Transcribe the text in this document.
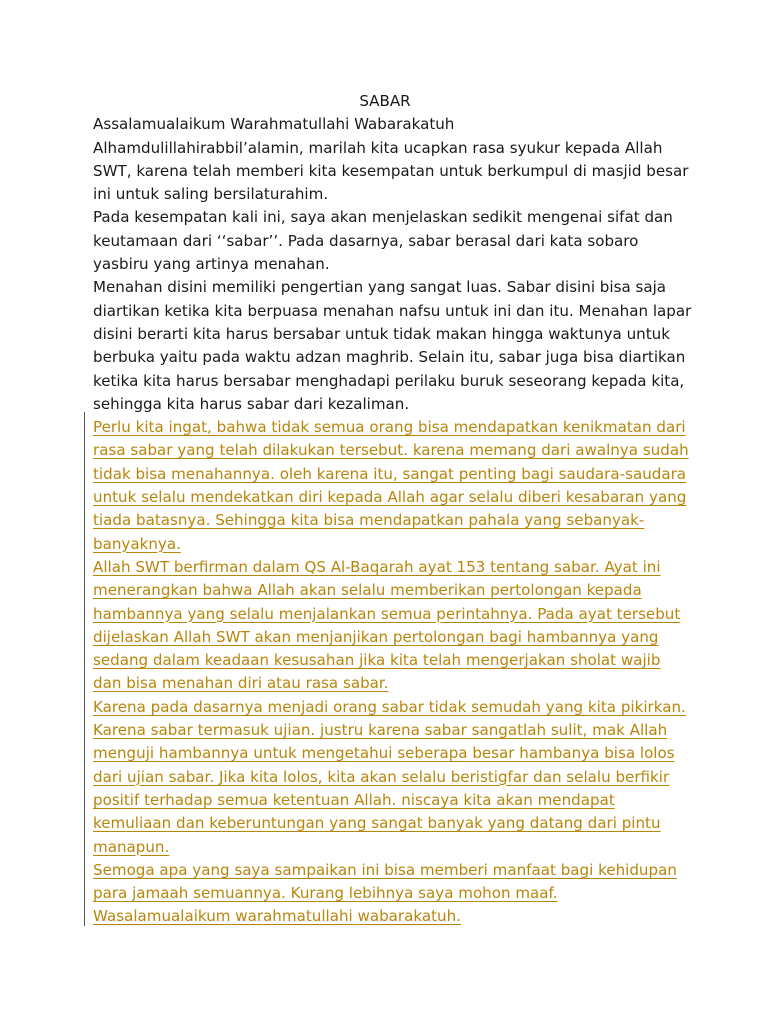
SABAR

Assalamualaikum Warahmatullahi Wabarakatuh

Alhamdulillahirabbil’alamin, marilah kita ucapkan rasa syukur kepada Allah SWT, karena telah memberi kita kesempatan untuk berkumpul di masjid besar ini untuk saling bersilaturahim.

Pada kesempatan kali ini, saya akan menjelaskan sedikit mengenai sifat dan keutamaan dari ‘‘sabar’’. Pada dasarnya, sabar berasal dari kata sobaro yasbiru yang artinya menahan.

Menahan disini memiliki pengertian yang sangat luas. Sabar disini bisa saja diartikan ketika kita berpuasa menahan nafsu untuk ini dan itu. Menahan lapar disini berarti kita harus bersabar untuk tidak makan hingga waktunya untuk berbuka yaitu pada waktu adzan maghrib. Selain itu, sabar juga bisa diartikan ketika kita harus bersabar menghadapi perilaku buruk seseorang kepada kita, sehingga kita harus sabar dari kezaliman.

Perlu kita ingat, bahwa tidak semua orang bisa mendapatkan kenikmatan dari rasa sabar yang telah dilakukan tersebut. karena memang dari awalnya sudah tidak bisa menahannya. oleh karena itu, sangat penting bagi saudara-saudara untuk selalu mendekatkan diri kepada Allah agar selalu diberi kesabaran yang tiada batasnya. Sehingga kita bisa mendapatkan pahala yang sebanyak-banyaknya.

Allah SWT berfirman dalam QS Al-Baqarah ayat 153 tentang sabar. Ayat ini menerangkan bahwa Allah akan selalu memberikan pertolongan kepada hambannya yang selalu menjalankan semua perintahnya. Pada ayat tersebut dijelaskan Allah SWT akan menjanjikan pertolongan bagi hambannya yang sedang dalam keadaan kesusahan jika kita telah mengerjakan sholat wajib dan bisa menahan diri atau rasa sabar.

Karena pada dasarnya menjadi orang sabar tidak semudah yang kita pikirkan. Karena sabar termasuk ujian. justru karena sabar sangatlah sulit, mak Allah menguji hambannya untuk mengetahui seberapa besar hambanya bisa lolos dari ujian sabar. Jika kita lolos, kita akan selalu beristigfar dan selalu berfikir positif terhadap semua ketentuan Allah. niscaya kita akan mendapat kemuliaan dan keberuntungan yang sangat banyak yang datang dari pintu manapun.

Semoga apa yang saya sampaikan ini bisa memberi manfaat bagi kehidupan para jamaah semuannya. Kurang lebihnya saya mohon maaf.

Wasalamualaikum warahmatullahi wabarakatuh.
